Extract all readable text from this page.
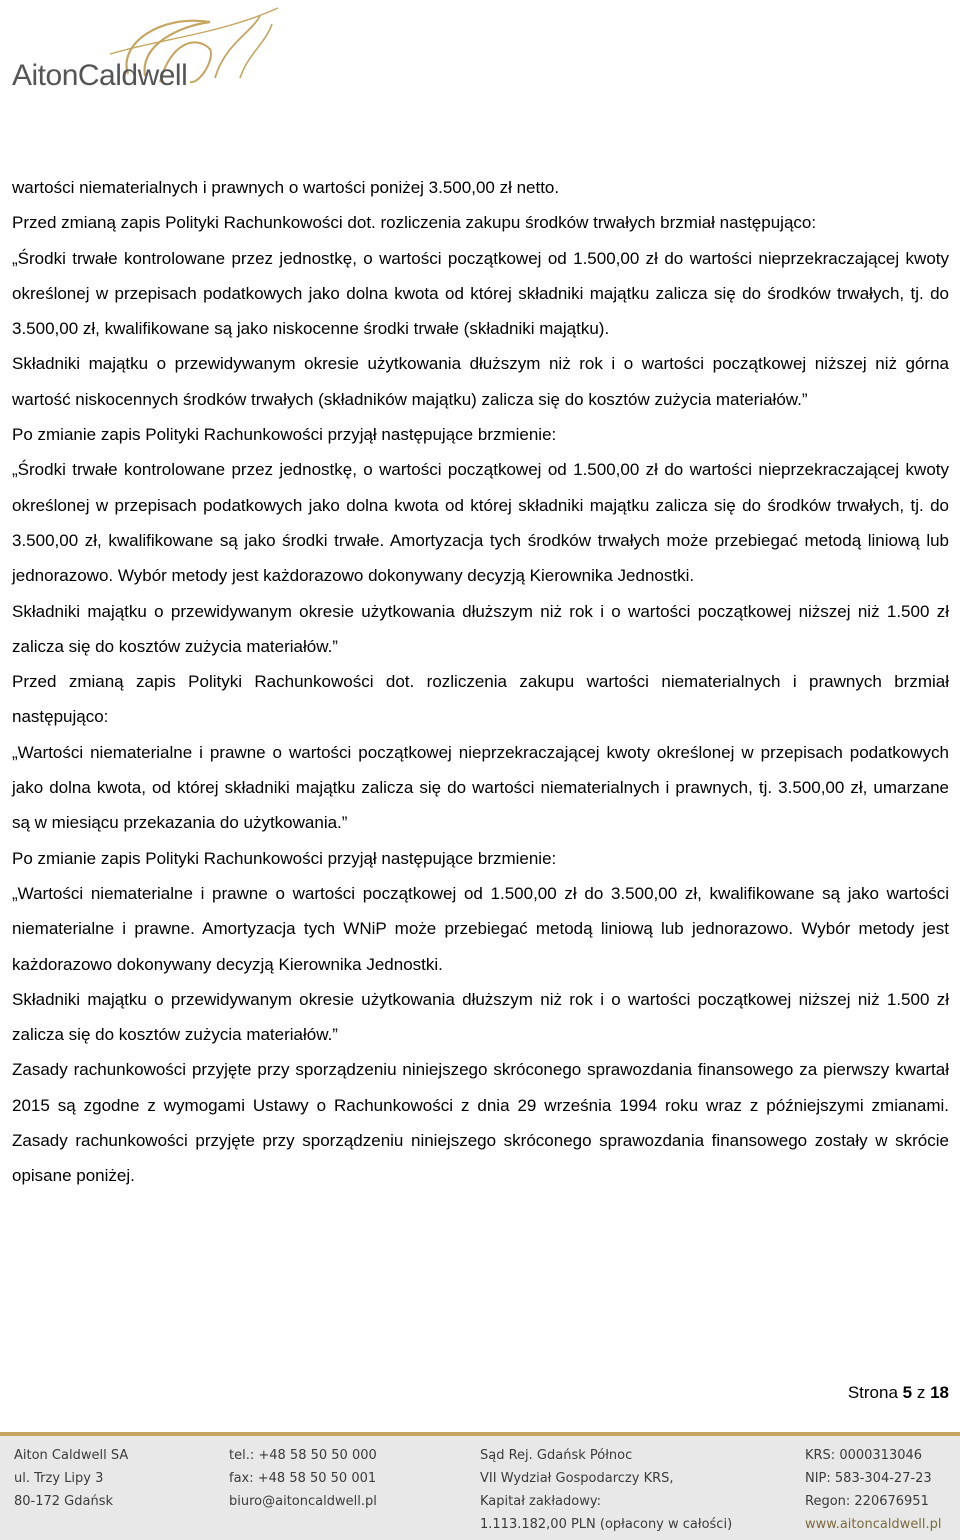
AitonCaldwell

wartości niematerialnych i prawnych o wartości poniżej 3.500,00 zł netto.

Przed zmianą zapis Polityki Rachunkowości dot. rozliczenia zakupu środków trwałych brzmiał następująco:

„Środki trwałe kontrolowane przez jednostkę, o wartości początkowej od 1.500,00 zł do wartości nieprzekraczającej kwoty określonej w przepisach podatkowych jako dolna kwota od której składniki majątku zalicza się do środków trwałych, tj. do 3.500,00 zł, kwalifikowane są jako niskocenne środki trwałe (składniki majątku).

Składniki majątku o przewidywanym okresie użytkowania dłuższym niż rok i o wartości początkowej niższej niż górna wartość niskocennych środków trwałych (składników majątku) zalicza się do kosztów zużycia materiałów.”

Po zmianie zapis Polityki Rachunkowości przyjął następujące brzmienie:

„Środki trwałe kontrolowane przez jednostkę, o wartości początkowej od 1.500,00 zł do wartości nieprzekraczającej kwoty określonej w przepisach podatkowych jako dolna kwota od której składniki majątku zalicza się do środków trwałych, tj. do 3.500,00 zł, kwalifikowane są jako środki trwałe. Amortyzacja tych środków trwałych może przebiegać metodą liniową lub jednorazowo. Wybór metody jest każdorazowo dokonywany decyzją Kierownika Jednostki.

Składniki majątku o przewidywanym okresie użytkowania dłuższym niż rok i o wartości początkowej niższej niż 1.500 zł zalicza się do kosztów zużycia materiałów.”

Przed zmianą zapis Polityki Rachunkowości dot. rozliczenia zakupu wartości niematerialnych i prawnych brzmiał następująco:

„Wartości niematerialne i prawne o wartości początkowej nieprzekraczającej kwoty określonej w przepisach podatkowych jako dolna kwota, od której składniki majątku zalicza się do wartości niematerialnych i prawnych, tj. 3.500,00 zł, umarzane są w miesiącu przekazania do użytkowania.”

Po zmianie zapis Polityki Rachunkowości przyjął następujące brzmienie:

„Wartości niematerialne i prawne o wartości początkowej od 1.500,00 zł do 3.500,00 zł, kwalifikowane są jako wartości niematerialne i prawne. Amortyzacja tych WNiP może przebiegać metodą liniową lub jednorazowo. Wybór metody jest każdorazowo dokonywany decyzją Kierownika Jednostki.

Składniki majątku o przewidywanym okresie użytkowania dłuższym niż rok i o wartości początkowej niższej niż 1.500 zł zalicza się do kosztów zużycia materiałów.”

Zasady rachunkowości przyjęte przy sporządzeniu niniejszego skróconego sprawozdania finansowego za pierwszy kwartał 2015 są zgodne z wymogami Ustawy o Rachunkowości z dnia 29 września 1994 roku wraz z późniejszymi zmianami. Zasady rachunkowości przyjęte przy sporządzeniu niniejszego skróconego sprawozdania finansowego zostały w skrócie opisane poniżej.

Strona 5 z 18
Aiton Caldwell SA
ul. Trzy Lipy 3
80-172 Gdańsk
tel.: +48 58 50 50 000
fax: +48 58 50 50 001
biuro@aitoncaldwell.pl
Sąd Rej. Gdańsk Północ
VII Wydział Gospodarczy KRS,
Kapitał zakładowy:
1.113.182,00 PLN (opłacony w całości)
KRS: 0000313046
NIP: 583-304-27-23
Regon: 220676951
www.aitoncaldwell.pl
